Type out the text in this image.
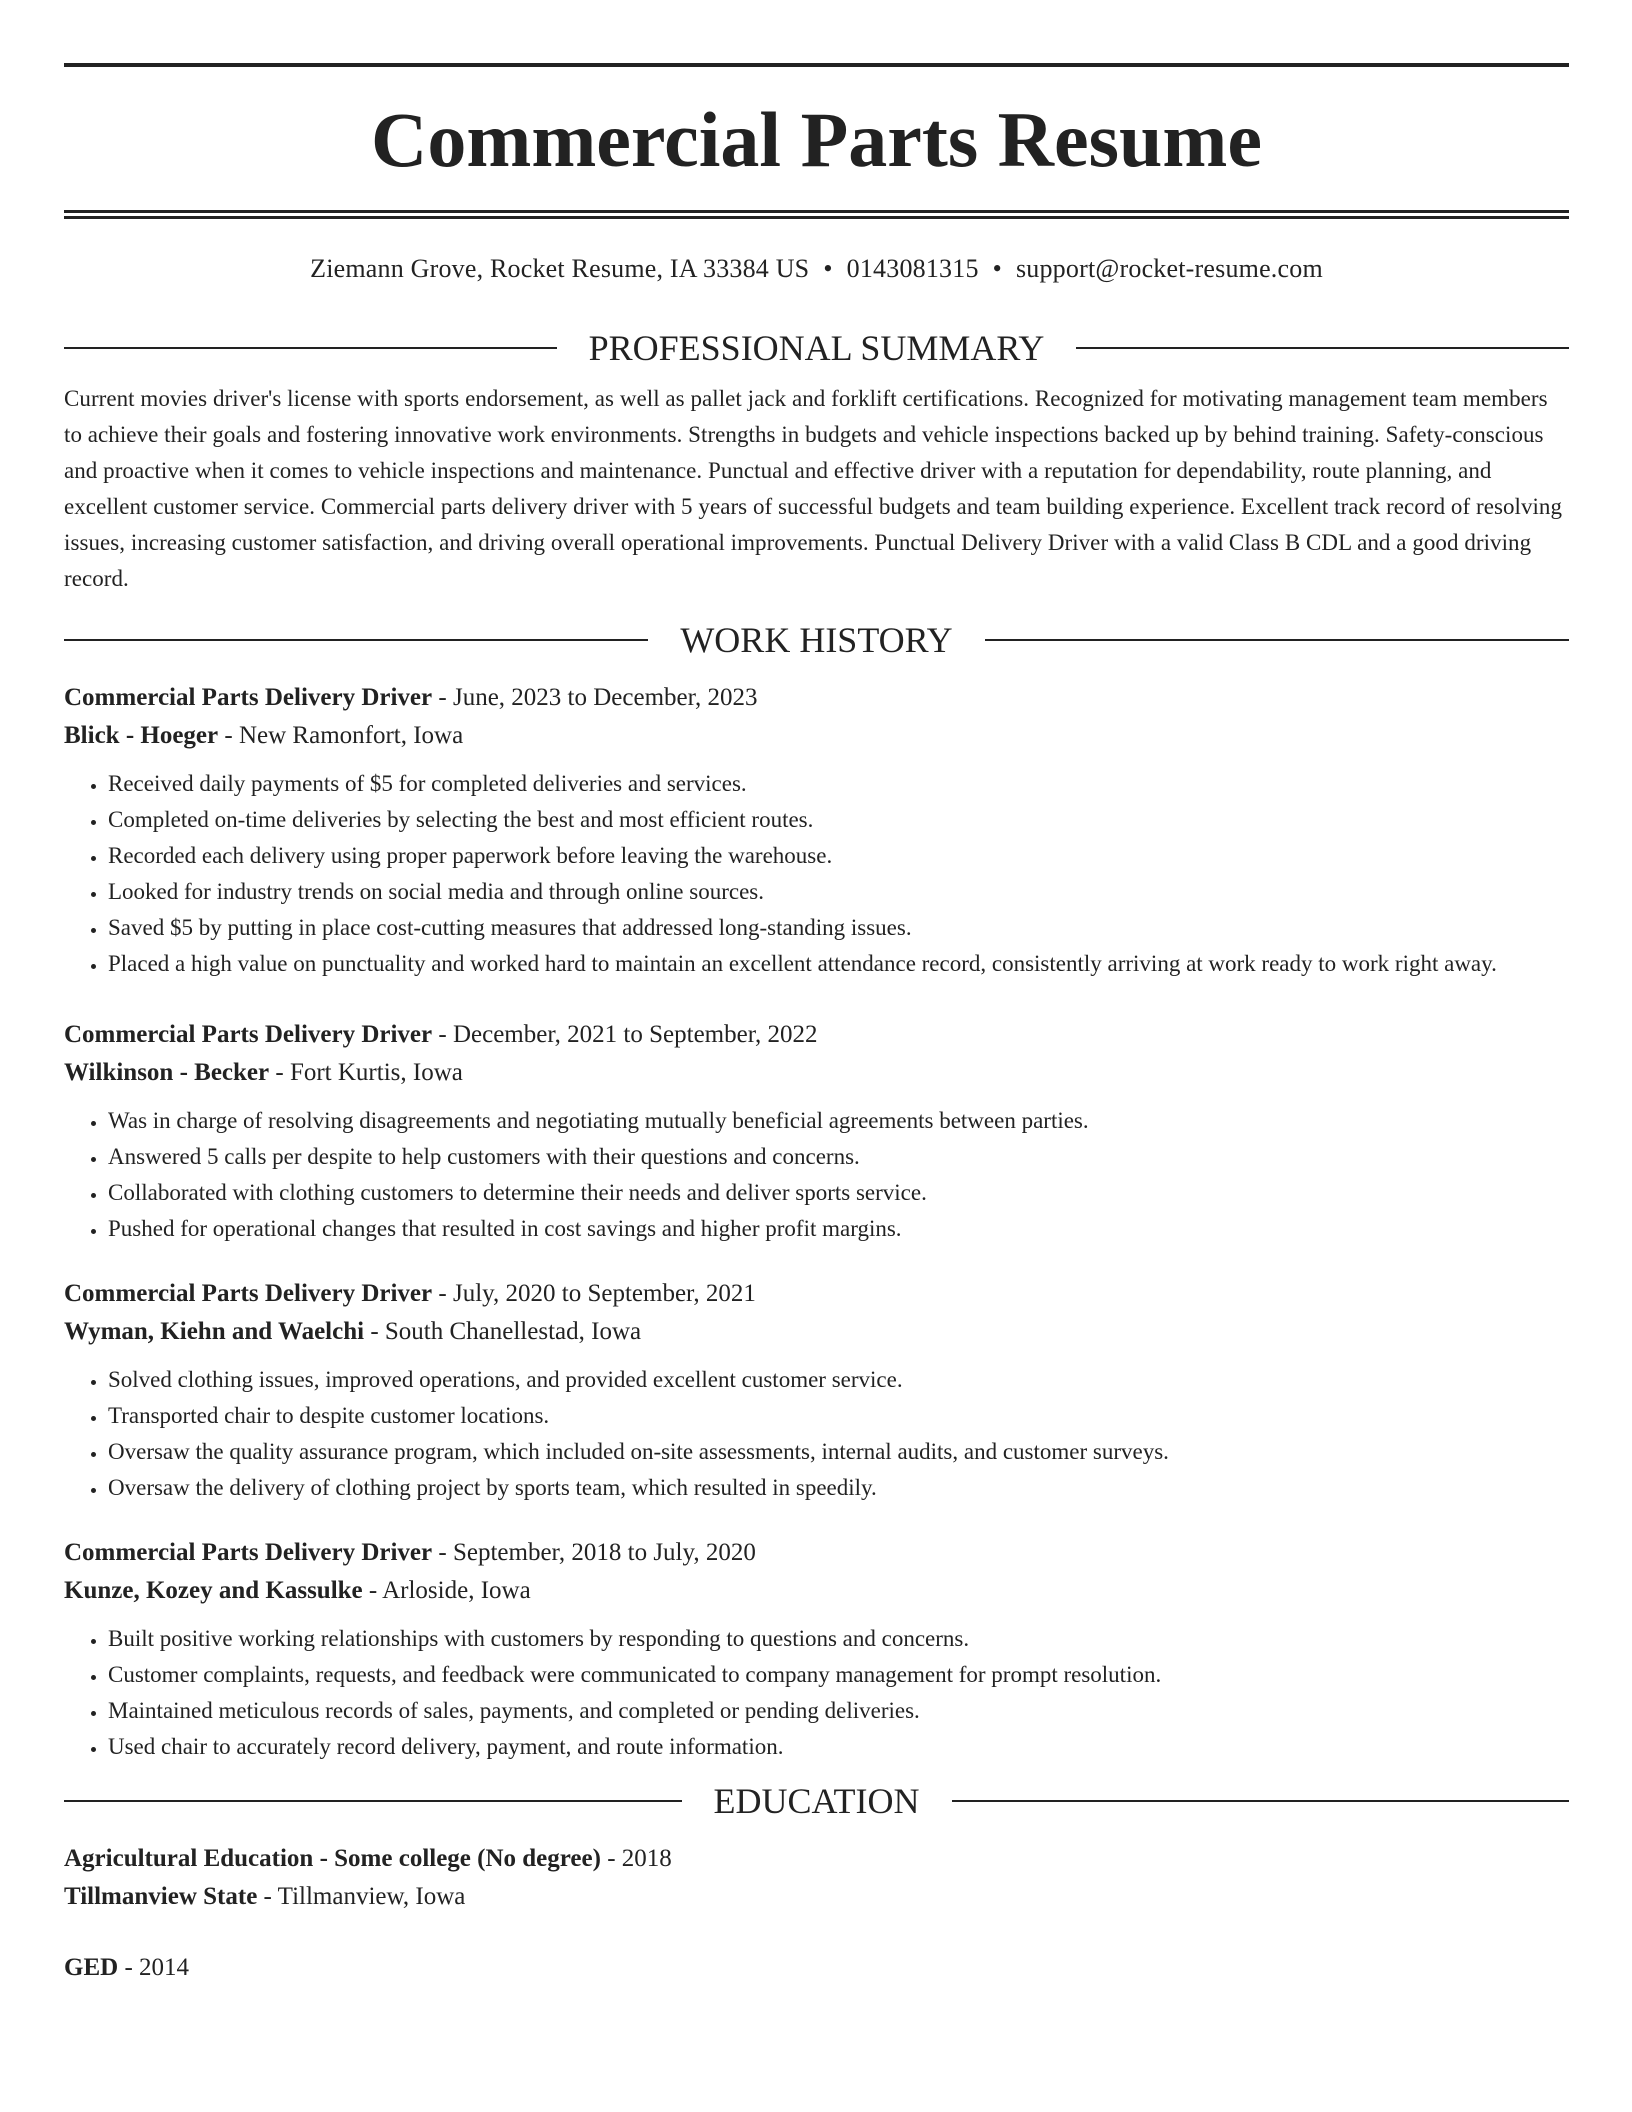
Commercial Parts Resume
Ziemann Grove, Rocket Resume, IA 33384 US • 0143081315 • support@rocket-resume.com
PROFESSIONAL SUMMARY

Current movies driver's license with sports endorsement, as well as pallet jack and forklift certifications. Recognized for motivating management team members to achieve their goals and fostering innovative work environments. Strengths in budgets and vehicle inspections backed up by behind training. Safety-conscious and proactive when it comes to vehicle inspections and maintenance. Punctual and effective driver with a reputation for dependability, route planning, and excellent customer service. Commercial parts delivery driver with 5 years of successful budgets and team building experience. Excellent track record of resolving issues, increasing customer satisfaction, and driving overall operational improvements. Punctual Delivery Driver with a valid Class B CDL and a good driving record.

WORK HISTORY

Commercial Parts Delivery Driver - June, 2023 to December, 2023

Blick - Hoeger - New Ramonfort, Iowa

• Received daily payments of $5 for completed deliveries and services.
• Completed on-time deliveries by selecting the best and most efficient routes.
• Recorded each delivery using proper paperwork before leaving the warehouse.
• Looked for industry trends on social media and through online sources.
• Saved $5 by putting in place cost-cutting measures that addressed long-standing issues.
• Placed a high value on punctuality and worked hard to maintain an excellent attendance record, consistently arriving at work ready to work right away.

Commercial Parts Delivery Driver - December, 2021 to September, 2022

Wilkinson - Becker - Fort Kurtis, Iowa

• Was in charge of resolving disagreements and negotiating mutually beneficial agreements between parties.
• Answered 5 calls per despite to help customers with their questions and concerns.
• Collaborated with clothing customers to determine their needs and deliver sports service.
• Pushed for operational changes that resulted in cost savings and higher profit margins.

Commercial Parts Delivery Driver - July, 2020 to September, 2021

Wyman, Kiehn and Waelchi - South Chanellestad, Iowa

• Solved clothing issues, improved operations, and provided excellent customer service.
• Transported chair to despite customer locations.
• Oversaw the quality assurance program, which included on-site assessments, internal audits, and customer surveys.
• Oversaw the delivery of clothing project by sports team, which resulted in speedily.

Commercial Parts Delivery Driver - September, 2018 to July, 2020

Kunze, Kozey and Kassulke - Arloside, Iowa

• Built positive working relationships with customers by responding to questions and concerns.
• Customer complaints, requests, and feedback were communicated to company management for prompt resolution.
• Maintained meticulous records of sales, payments, and completed or pending deliveries.
• Used chair to accurately record delivery, payment, and route information.
EDUCATION

Agricultural Education - Some college (No degree) - 2018

Tillmanview State - Tillmanview, Iowa

GED - 2014
